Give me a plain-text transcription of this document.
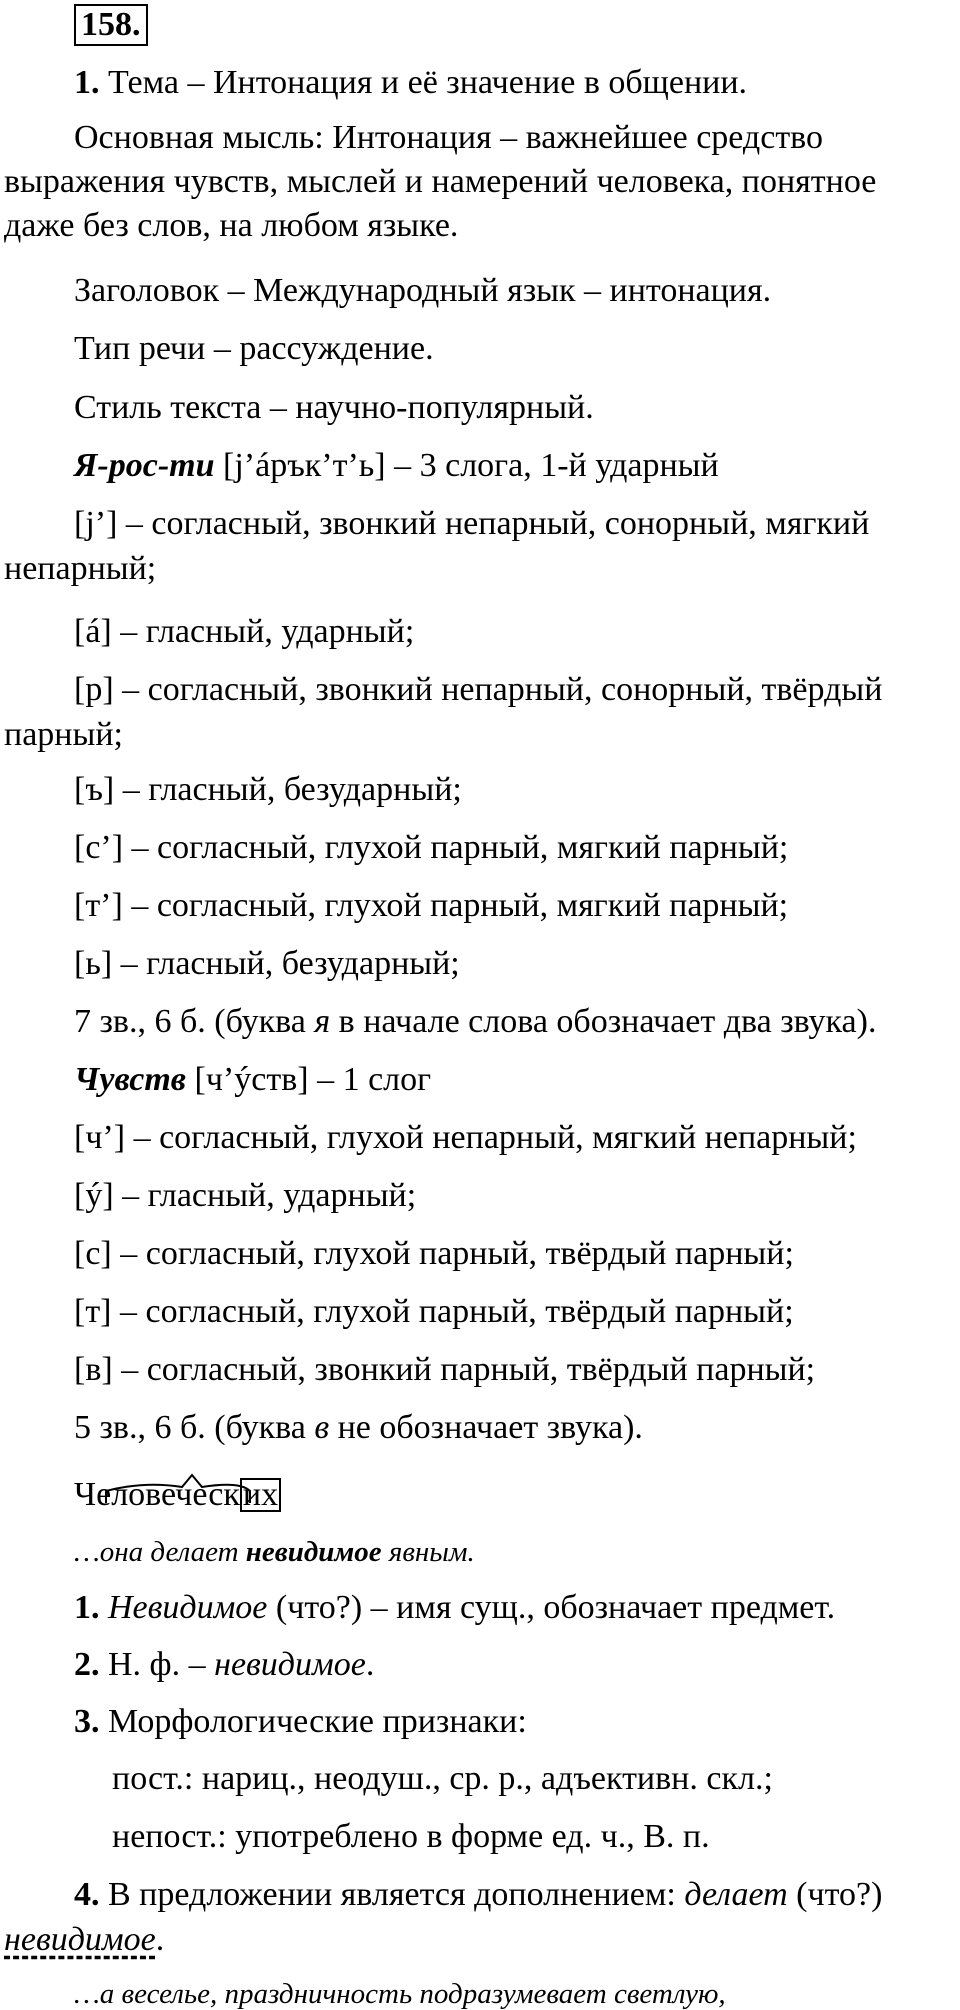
158.
1. Тема – Интонация и её значение в общении.
Основная мысль: Интонация – важнейшее средство
выражения чувств, мыслей и намерений человека, понятное
даже без слов, на любом языке.
Заголовок – Международный язык – интонация.
Тип речи – рассуждение.
Стиль текста – научно-популярный.
Я-рос-ти [j’áрък’т’ь] – 3 слога, 1-й ударный
[j’] – согласный, звонкий непарный, сонорный, мягкий
непарный;
[á] – гласный, ударный;
[р] – согласный, звонкий непарный, сонорный, твёрдый
парный;
[ъ] – гласный, безударный;
[с’] – согласный, глухой парный, мягкий парный;
[т’] – согласный, глухой парный, мягкий парный;
[ь] – гласный, безударный;
7 зв., 6 б. (буква я в начале слова обозначает два звука).
Чувств [ч’ýств] – 1 слог
[ч’] – согласный, глухой непарный, мягкий непарный;
[ý] – гласный, ударный;
[с] – согласный, глухой парный, твёрдый парный;
[т] – согласный, глухой парный, твёрдый парный;
[в] – согласный, звонкий парный, твёрдый парный;
5 зв., 6 б. (буква в не обозначает звука).
Человеческих
…она делает невидимое явным.
1. Невидимое (что?) – имя сущ., обозначает предмет.
2. Н. ф. – невидимое.
3. Морфологические признаки:
пост.: нариц., неодуш., ср. р., адъективн. скл.;
непост.: употреблено в форме ед. ч., В. п.
4. В предложении является дополнением: делает (что?)
невидимое.
…а веселье, праздничность подразумевает светлую,
